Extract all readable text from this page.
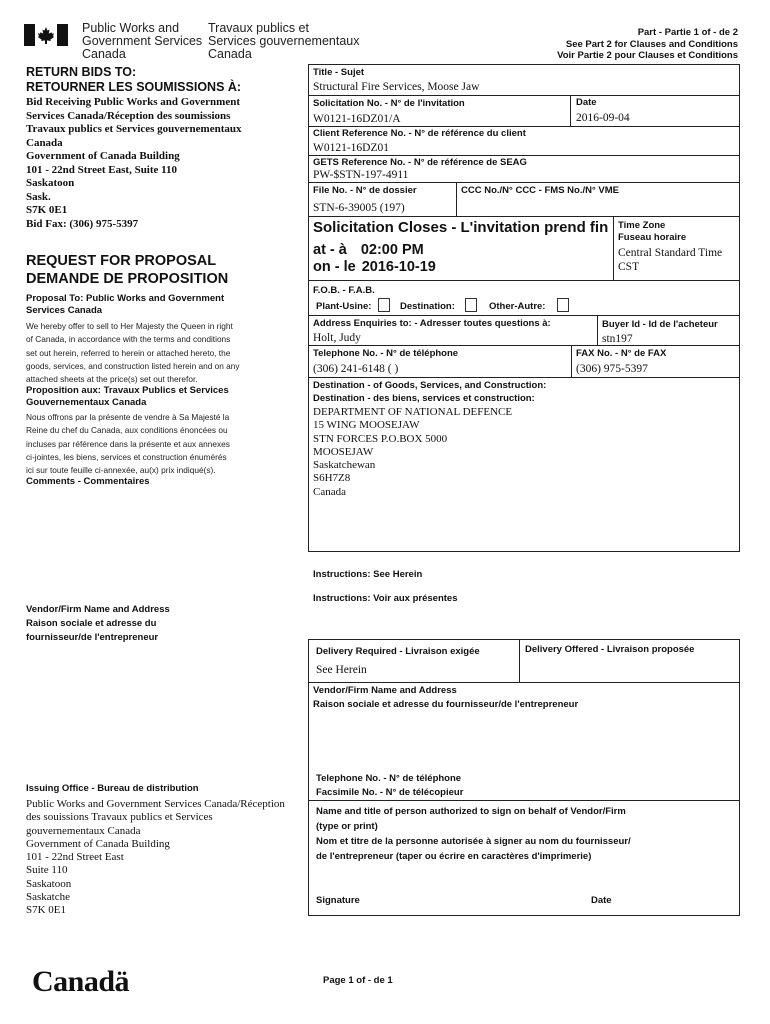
Public Works and
Government Services
Canada
Travaux publics et
Services gouvernementaux
Canada
Part - Partie 1 of - de 2
See Part 2 for Clauses and Conditions
Voir Partie 2 pour Clauses et Conditions
RETURN BIDS TO:
RETOURNER LES SOUMISSIONS À:
Bid Receiving Public Works and Government
Services Canada/Réception des soumissions
Travaux publics et Services gouvernementaux
Canada
Government of Canada Building
101 - 22nd Street East, Suite 110
Saskatoon
Sask.
S7K 0E1
Bid Fax: (306) 975-5397
REQUEST FOR PROPOSAL
DEMANDE DE PROPOSITION
Proposal To: Public Works and Government
Services Canada
We hereby offer to sell to Her Majesty the Queen in right
of Canada, in accordance with the terms and conditions
set out herein, referred to herein or attached hereto, the
goods, services, and construction listed herein and on any
attached sheets at the price(s) set out therefor.
Proposition aux: Travaux Publics et Services
Gouvernementaux Canada
Nous offrons par la présente de vendre à Sa Majesté la
Reine du chef du Canada, aux conditions énoncées ou
incluses par référence dans la présente et aux annexes
ci-jointes, les biens, services et construction énumérés
ici sur toute feuille ci-annexée, au(x) prix indiqué(s).
Comments - Commentaires
Vendor/Firm Name and Address
Raison sociale et adresse du
fournisseur/de l'entrepreneur
Issuing Office - Bureau de distribution
Public Works and Government Services Canada/Réception
des souissions Travaux publics et Services
gouvernementaux Canada
Government of Canada Building
101 - 22nd Street East
Suite 110
Saskatoon
Saskatche
S7K 0E1
Canadä
Title - Sujet
Structural Fire Services, Moose Jaw
Solicitation No. - N° de l'invitation
W0121-16DZ01/A
Date
2016-09-04
Client Reference No. - N° de référence du client
W0121-16DZ01
GETS Reference No. - N° de référence de SEAG
PW-$STN-197-4911
File No. - N° de dossier
STN-6-39005 (197)
CCC No./N° CCC - FMS No./N° VME
Solicitation Closes - L'invitation prend fin
at - à 02:00 PM
on - le 2016-10-19
Time Zone
Fuseau horaire
Central Standard Time
CST
F.O.B. - F.A.B.
Plant-Usine:	Destination:	Other-Autre:
Address Enquiries to: - Adresser toutes questions à:
Holt, Judy
Buyer Id - Id de l'acheteur
stn197
Telephone No. - N° de téléphone
(306) 241-6148 ( )
FAX No. - N° de FAX
(306) 975-5397
Destination - of Goods, Services, and Construction:
Destination - des biens, services et construction:
DEPARTMENT OF NATIONAL DEFENCE
15 WING MOOSEJAW
STN FORCES P.O.BOX 5000
MOOSEJAW
Saskatchewan
S6H7Z8
Canada
Instructions: See Herein
Instructions: Voir aux présentes
Delivery Required - Livraison exigée
See Herein
Delivery Offered - Livraison proposée
Vendor/Firm Name and Address
Raison sociale et adresse du fournisseur/de l'entrepreneur
Telephone No. - N° de téléphone
Facsimile No. - N° de télécopieur
Name and title of person authorized to sign on behalf of Vendor/Firm
(type or print)
Nom et titre de la personne autorisée à signer au nom du fournisseur/
de l'entrepreneur (taper ou écrire en caractères d'imprimerie)
Signature	Date
Page 1 of - de 1
